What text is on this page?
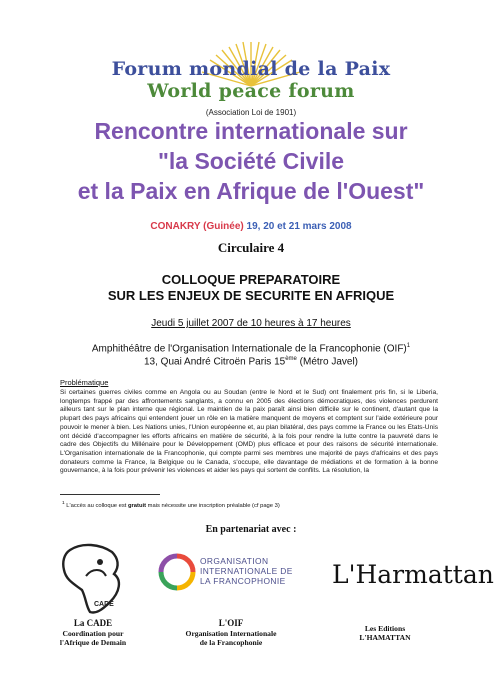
Forum mondial de la Paix
World peace forum
(Association Loi de 1901)
Rencontre internationale sur
"la Société Civile
et la Paix en Afrique de l'Ouest"
CONAKRY (Guinée) 19, 20 et 21 mars 2008
Circulaire 4
COLLOQUE PREPARATOIRE
SUR LES ENJEUX DE SECURITE EN AFRIQUE
Jeudi 5 juillet 2007 de 10 heures à 17 heures
Amphithéâtre de l'Organisation Internationale de la Francophonie (OIF)$^1$
13, Quai André Citroën Paris 15ème (Métro Javel)
Problématique
Si certaines guerres civiles comme en Angola ou au Soudan (entre le Nord et le Sud) ont finalement pris fin, si le Liberia, longtemps frappé par des affrontements sanglants, a connu en 2005 des élections démocratiques, des violences perdurent ailleurs tant sur le plan interne que régional. Le maintien de la paix paraît ainsi bien difficile sur le continent, d'autant que la plupart des pays africains qui entendent jouer un rôle en la matière manquent de moyens et comptent sur l'aide extérieure pour pouvoir le mener à bien. Les Nations unies, l'Union européenne et, au plan bilatéral, des pays comme la France ou les Etats-Unis ont décidé d'accompagner les efforts africains en matière de sécurité, à la fois pour rendre la lutte contre la pauvreté dans le cadre des Objectifs du Millénaire pour le Développement (OMD) plus efficace et pour des raisons de sécurité internationale. L'Organisation internationale de la Francophonie, qui compte parmi ses membres une majorité de pays d'africains et des pays donateurs comme la France, la Belgique ou le Canada, s'occupe, elle davantage de médiations et de formation à la bonne gouvernance, à la fois pour prévenir les violences et aider les pays qui sortent de conflits. La résolution, la
$^1$ L'accès au colloque est gratuit mais nécessite une inscription préalable (cf page 3)
En partenariat avec :
CADE
ORGANISATION
INTERNATIONALE DE
LA FRANCOPHONIE L'Harmattan
La CADE
Coordination pour
l'Afrique de Demain
L'OIF
Organisation Internationale
de la Francophonie
Les Editions
L'HAMATTAN
